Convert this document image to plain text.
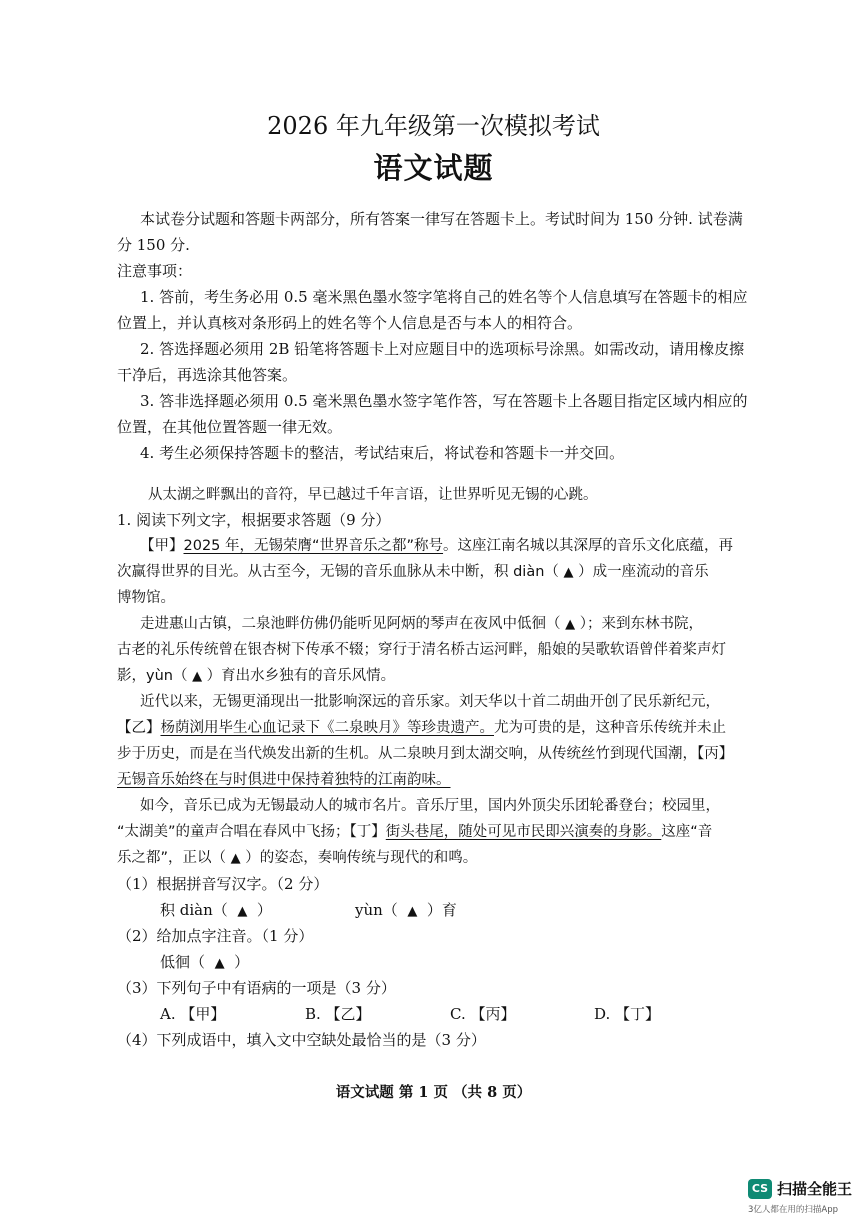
2026 年九年级第一次模拟考试
语文试题
本试卷分试题和答题卡两部分，所有答案一律写在答题卡上。考试时间为 150 分钟. 试卷满
分 150 分.
注意事项：
1. 答前，考生务必用 0.5 毫米黑色墨水签字笔将自己的姓名等个人信息填写在答题卡的相应
位置上，并认真核对条形码上的姓名等个人信息是否与本人的相符合。
2. 答选择题必须用 2B 铅笔将答题卡上对应题目中的选项标号涂黑。如需改动，请用橡皮擦
干净后，再选涂其他答案。
3. 答非选择题必须用 0.5 毫米黑色墨水签字笔作答，写在答题卡上各题目指定区域内相应的
位置，在其他位置答题一律无效。
4. 考生必须保持答题卡的整洁，考试结束后，将试卷和答题卡一并交回。
从太湖之畔飘出的音符，早已越过千年言语，让世界听见无锡的心跳。
1. 阅读下列文字，根据要求答题（9 分）
【甲】2025 年，无锡荣膺“世界音乐之都”称号。这座江南名城以其深厚的音乐文化底蕴，再
次赢得世界的目光。从古至今，无锡的音乐血脉从未中断，积 diàn（ ▲ ）成一座流动的音乐
博物馆。
走进惠山古镇，二泉池畔仿佛仍能听见阿炳的琴声在夜风中低徊（ ▲ ）；来到东林书院，
古老的礼乐传统曾在银杏树下传承不辍；穿行于清名桥古运河畔，船娘的吴歌软语曾伴着桨声灯
影，yùn（ ▲ ）育出水乡独有的音乐风情。
近代以来，无锡更涌现出一批影响深远的音乐家。刘天华以十首二胡曲开创了民乐新纪元，
【乙】杨荫浏用毕生心血记录下《二泉映月》等珍贵遗产。尤为可贵的是，这种音乐传统并未止
步于历史，而是在当代焕发出新的生机。从二泉映月到太湖交响，从传统丝竹到现代国潮，【丙】
无锡音乐始终在与时俱进中保持着独特的江南韵味。
如今，音乐已成为无锡最动人的城市名片。音乐厅里，国内外顶尖乐团轮番登台；校园里，
“太湖美”的童声合唱在春风中飞扬；【丁】街头巷尾，随处可见市民即兴演奏的身影。这座“音
乐之都”，正以（ ▲ ）的姿态，奏响传统与现代的和鸣。
（1）根据拼音写汉字。（2 分）
积 diàn（ ▲ ）	yùn（ ▲ ）育
（2）给加点字注音。（1 分）
低徊（ ▲ ）
（3）下列句子中有语病的一项是（3 分）
A. 【甲】	B. 【乙】	C. 【丙】	D. 【丁】
（4）下列成语中，填入文中空缺处最恰当的是（3 分）
语文试题 第 1 页 （共 8 页）
CS 扫描全能王
3亿人都在用的扫描App
